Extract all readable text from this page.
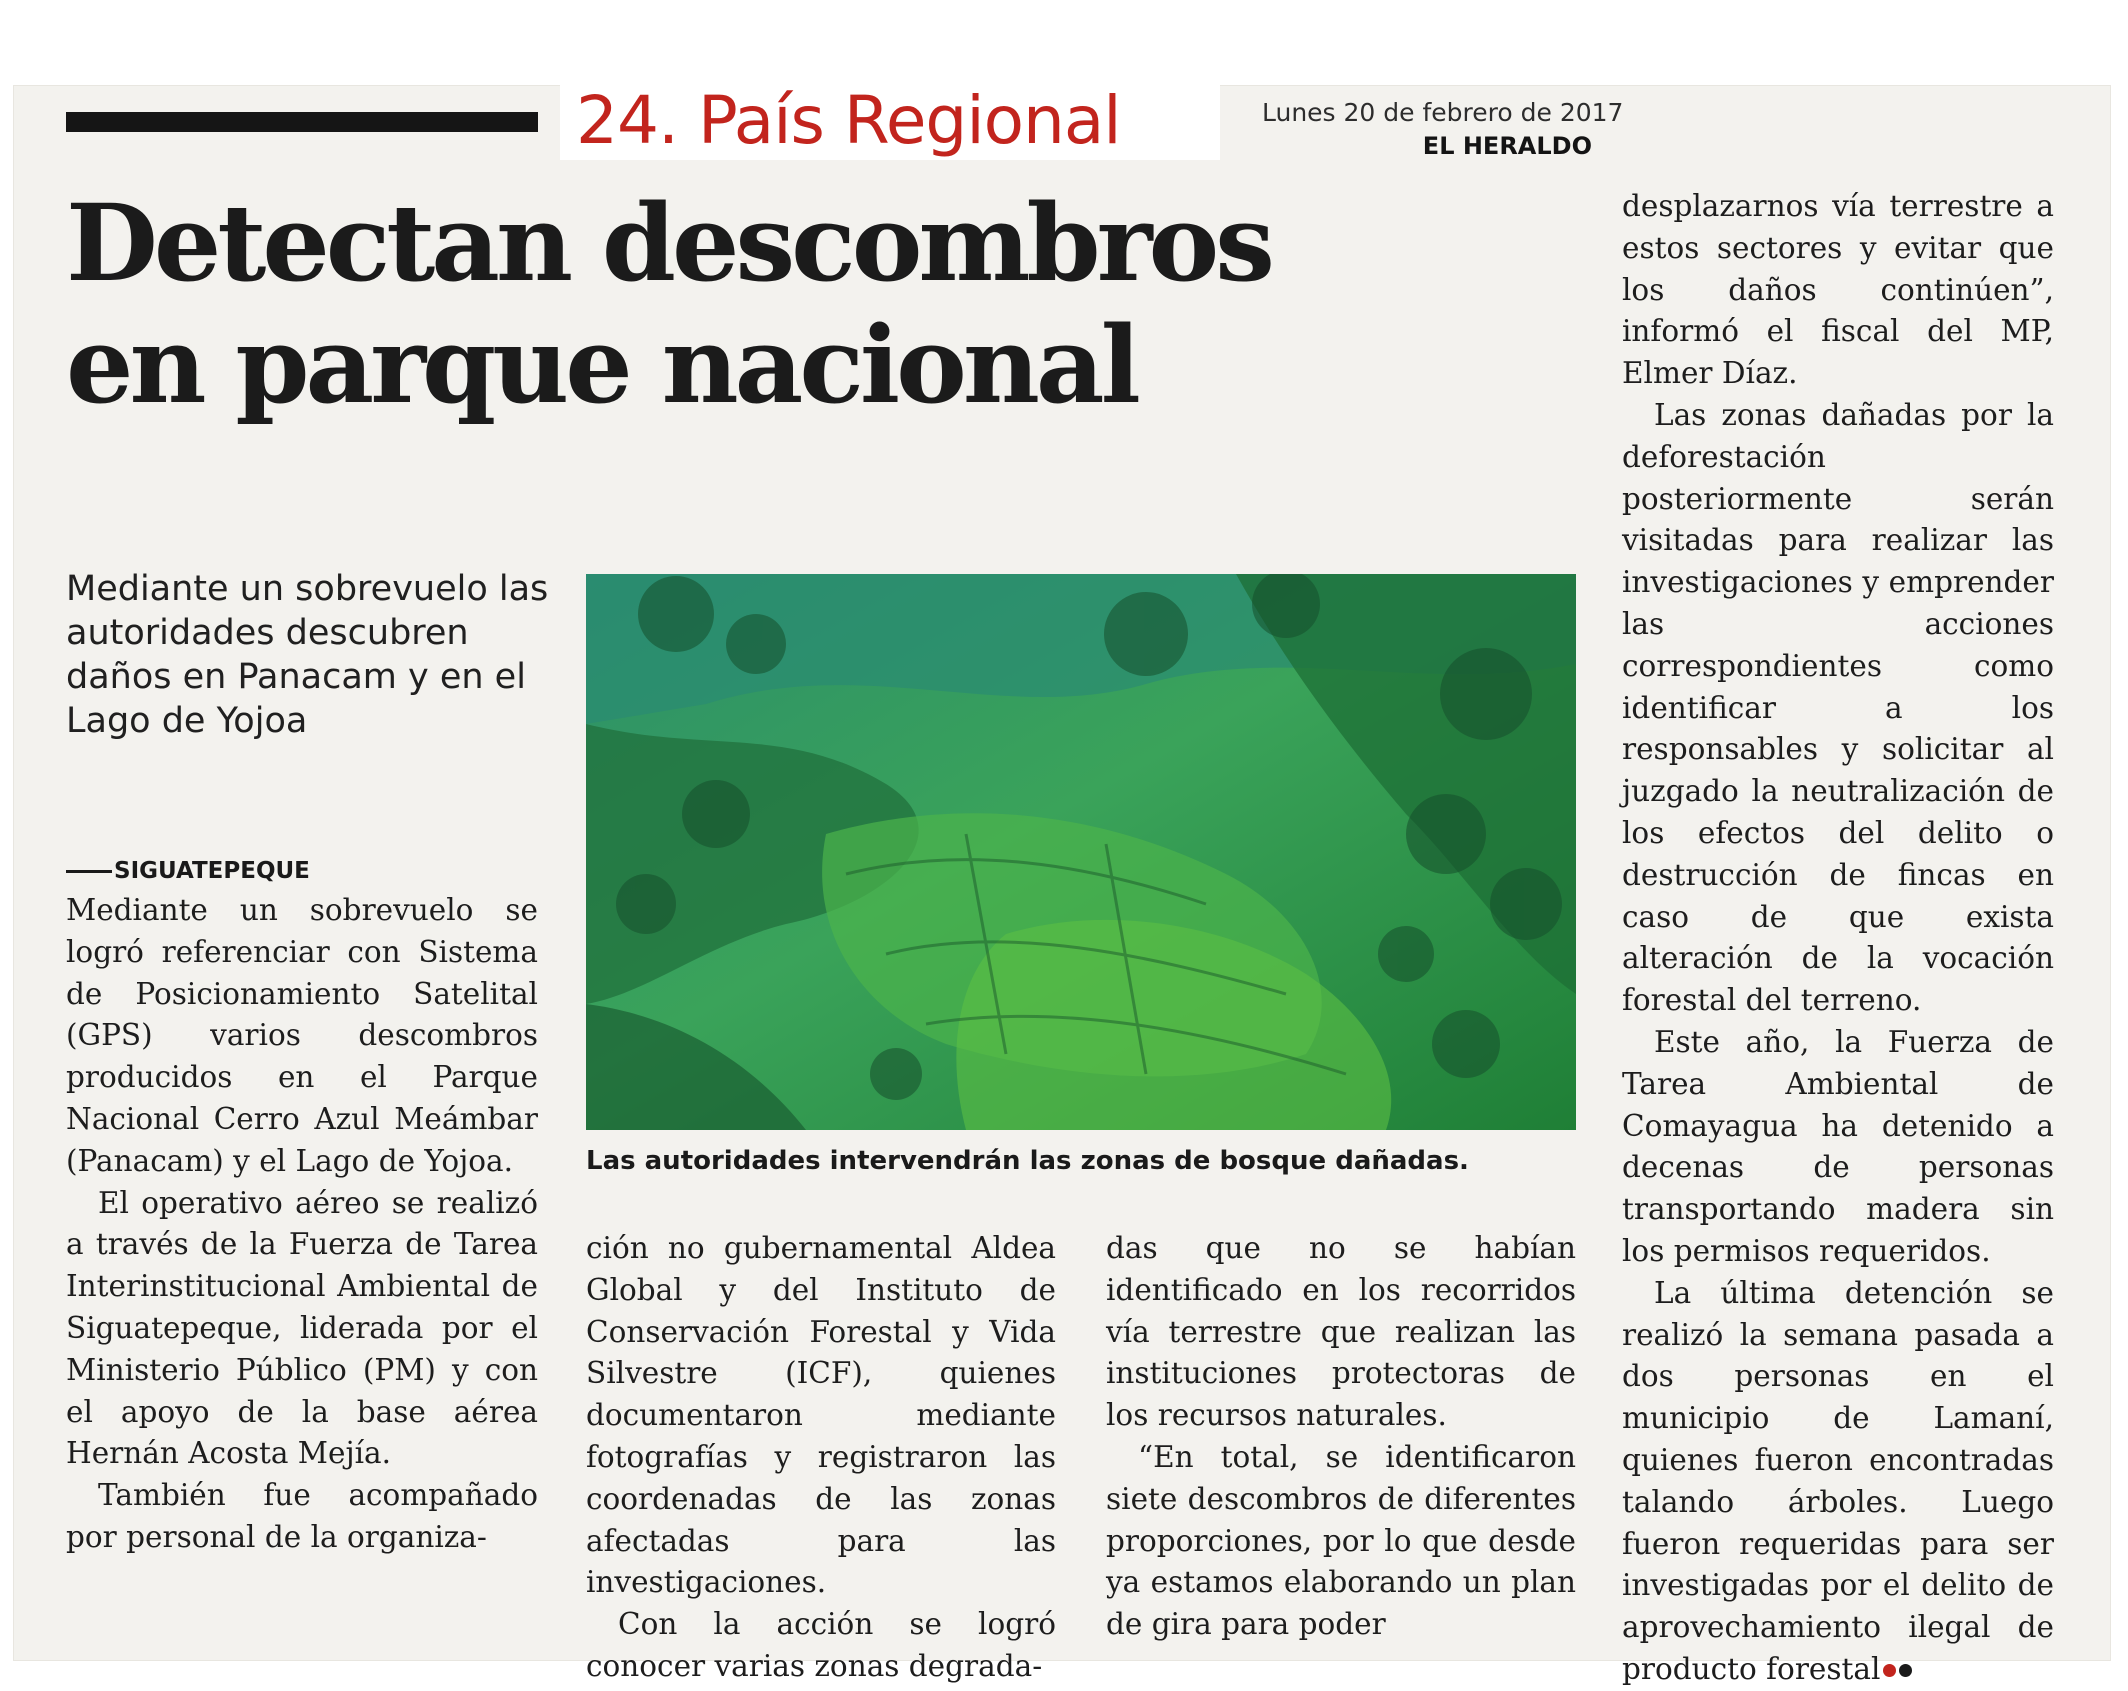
24. País Regional	Lunes 20 de febrero de 2017
EL HERALDO
Detectan descombros
en parque nacional
Mediante un sobrevuelo las autoridades descubren daños en Panacam y en el Lago de Yojoa
SIGUATEPEQUE

Mediante un sobrevuelo se logró referenciar con Sistema de Posicionamiento Satelital (GPS) varios descombros producidos en el Parque Nacional Cerro Azul Meámbar (Panacam) y el Lago de Yojoa.

El operativo aéreo se realizó a través de la Fuerza de Tarea Interinstitucional Ambiental de Siguatepeque, liderada por el Ministerio Público (PM) y con el apoyo de la base aérea Hernán Acosta Mejía.

También fue acompañado por personal de la organiza-

Las autoridades intervendrán las zonas de bosque dañadas.

ción no gubernamental Aldea Global y del Instituto de Conservación Forestal y Vida Silvestre (ICF), quienes documentaron mediante fotografías y registraron las coordenadas de las zonas afectadas para las investigaciones.

Con la acción se logró conocer varias zonas degrada-

das que no se habían identificado en los recorridos vía terrestre que realizan las instituciones protectoras de los recursos naturales.

“En total, se identificaron siete descombros de diferentes proporciones, por lo que desde ya estamos elaborando un plan de gira para poder

desplazarnos vía terrestre a estos sectores y evitar que los daños continúen”, informó el fiscal del MP, Elmer Díaz.

Las zonas dañadas por la deforestación posteriormente serán visitadas para realizar las investigaciones y emprender las acciones correspondientes como identificar a los responsables y solicitar al juzgado la neutralización de los efectos del delito o destrucción de fincas en caso de que exista alteración de la vocación forestal del terreno.

Este año, la Fuerza de Tarea Ambiental de Comayagua ha detenido a decenas de personas transportando madera sin los permisos requeridos.

La última detención se realizó la semana pasada a dos personas en el municipio de Lamaní, quienes fueron encontradas talando árboles. Luego fueron requeridas para ser investigadas por el delito de aprovechamiento ilegal de producto forestal
